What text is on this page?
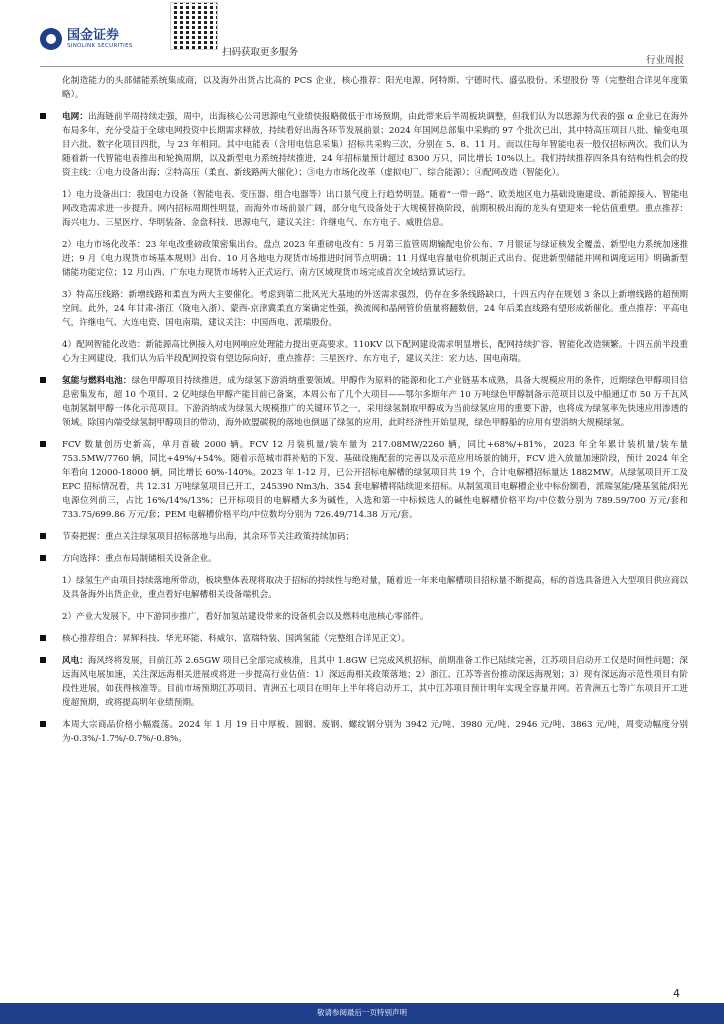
国金证券
SINOLINK SECURITIES
扫码获取更多服务
行业周报
化制造能力的头部储能系统集成商，以及海外出货占比高的 PCS 企业，核心推荐：阳光电源、阿特斯、宁德时代、盛弘股份、禾望股份 等（完整组合详见年度策略）。
电网：出海链前半周持续走强，周中，出海核心公司思源电气业绩快报略微低于市场预期，由此带来后半周板块调整，但我们认为以思源为代表的强 α 企业已在海外布局多年，充分受益于全球电网投资中长期需求释放，持续看好出海各环节发展前景；2024 年国网总部集中采购的 97 个批次已出，其中特高压项目八批、输变电项目六批、数字化项目四批，与 23 年相同。其中电能表（含用电信息采集）招标共采购三次，分别在 5、8、11 月。而以往每年智能电表一般仅招标两次。我们认为随着新一代智能电表推出和轮换周期，以及新型电力系统持续推进，24 年招标量预计超过 8300 万只，同比增长 10%以上。我们持续推荐四条具有结构性机会的投资主线：①电力设备出海；②特高压（柔直、新线路两大催化）；③电力市场化改革（虚拟电厂、综合能源）；④配网改造（智能化）。
1）电力设备出口：我国电力设备（智能电表、变压器、组合电器等）出口景气度上行趋势明显。随着“一带一路”、欧美地区电力基础设施建设、新能源接入、智能电网改造需求进一步提升。网内招标周期性明显，而海外市场前景广阔，部分电气设备处于大规模替换阶段，前期积极出海的龙头有望迎来一轮估值重塑。重点推荐：海兴电力、三星医疗、华明装备、金盘科技、思源电气，建议关注：许继电气、东方电子、威胜信息。
2）电力市场化改革：23 年电改重磅政策密集出台。盘点 2023 年重磅电改有：5 月第三监管周期输配电价公布、7 月银证与绿证核发全覆盖、新型电力系统加速推进；9 月《电力现货市场基本规则》出台、10 月各地电力现货市场推进时间节点明确；11 月煤电容量电价机制正式出台、促进新型储能并网和调度运用》明确新型储能功能定位；12 月山西、广东电力现货市场转入正式运行、南方区域现货市场完成首次全域结算试运行。
3）特高压线路：新增线路和柔直为两大主要催化。考虑到第二批风光大基地的外送需求强烈，仍存在多条线路缺口，十四五内存在规划 3 条以上新增线路的超预期空间。此外，24 年甘肃-浙江（陇电入浙）、蒙西-京津冀柔直方案确定性强，换流阀和晶闸管价值量将翻数倍，24 年后柔直线路有望形成新催化。重点推荐：平高电气，许继电气、大连电瓷、国电南瑞，建议关注：中国西电、派瑞股份。
4）配网智能化改造：新能源高比例接入对电网响应处理能力提出更高要求。110KV 以下配网建设需求明显增长，配网持续扩容、智能化改造频繁。十四五前半段重心为主网建设，我们认为后半段配网投资有望边际向好，重点推荐：三星医疗、东方电子，建议关注：宏力达、国电南瑞。
氢能与燃料电池：绿色甲醇项目持续推进，成为绿氢下游消纳重要领域。甲醇作为原料的能源和化工产业链基本成熟，具备大规模应用的条件，近期绿色甲醇项目信息密集发布，超 10 个项目、2 亿吨绿色甲醇产能目前已备案，本周公布了几个大项目——鄂尔多斯年产 10 万吨绿色甲醇制备示范项目以及中船通辽市 50 万千瓦风电制氢制甲醇一体化示范项目。下游消纳成为绿氢大规模推广的关键环节之一，采用绿氢制取甲醇成为当前绿氢应用的重要下游，也将成为绿氢率先快速应用渗透的领域。除国内端受绿氢制甲醇项目的带动，海外欧盟碳税的落地也倒逼了绿氢的应用，此时经济性开始显现，绿色甲醇船的应用有望消纳大规模绿氢。
FCV 数量创历史新高，单月首破 2000 辆。FCV 12 月装机量/装车量为 217.08MW/2260 辆，同比+68%/+81%，2023 年全年累计装机量/装车量 753.5MW/7760 辆，同比+49%/+54%。随着示范城市群补贴的下发、基础设施配套的完善以及示范应用场景的铺开，FCV 进入放量加速阶段，预计 2024 年全年看向 12000-18000 辆，同比增长 60%-140%。2023 年 1-12 月，已公开招标电解槽的绿氢项目共 19 个，合计电解槽招标量达 1882MW。从绿氢项目开工及 EPC 招标情况看，共 12.31 万吨绿氢项目已开工，245390 Nm3/h、354 套电解槽将陆续迎来招标。从制氢项目电解槽企业中标份额看，派瑞氢能/隆基氢能/阳光电源位列前三，占比 16%/14%/13%；已开标项目的电解槽大多为碱性，入选和第一中标候选人的碱性电解槽价格平均/中位数分别为 789.59/700 万元/套和 733.75/699.86 万元/套；PEM 电解槽价格平均/中位数均分别为 726.49/714.38 万元/套。
节奏把握：重点关注绿氢项目招标落地与出海，其余环节关注政策持续加码；
方向选择：重点布局制储相关设备企业。
1）绿氢生产由项目持续落地所带动，板块整体表现将取决于招标的持续性与绝对量，随着近一年来电解槽项目招标量不断提高，标的首选具备进入大型项目供应商以及具备海外出货企业，重点看好电解槽相关设备端机会。
2）产业大发展下，中下游同步推广，看好加氢站建设带来的设备机会以及燃料电池核心零部件。
核心推荐组合：昇辉科技、华光环能、科威尔、富瑞特装、国鸿氢能（完整组合详见正文）。
风电：海风终将发展，目前江苏 2.65GW 项目已全部完成核准，且其中 1.8GW 已完成风机招标，前期准备工作已陆续完善，江苏项目启动开工仅是时间性问题；深远海风电展加速，关注深远海相关进展或将进一步提高行业估值：1）深远海相关政策落地；2）浙江、江苏等省份推动深远海规划；3）现有深远海示范性项目有阶段性进展，如获得核准等。目前市场预期江苏项目、青洲五七项目在明年上半年将启动开工，其中江苏项目预计明年实现全容量并网。若青洲五七等广东项目开工进度超预期，或将提高明年业绩预期。
本周大宗商品价格小幅震荡。2024 年 1 月 19 日中厚板、圆钢、废钢、螺纹钢分别为 3942 元/吨、3980 元/吨、2946 元/吨、3863 元/吨，周变动幅度分别为-0.3%/-1.7%/-0.7%/-0.8%。
4
敬请参阅最后一页特别声明
